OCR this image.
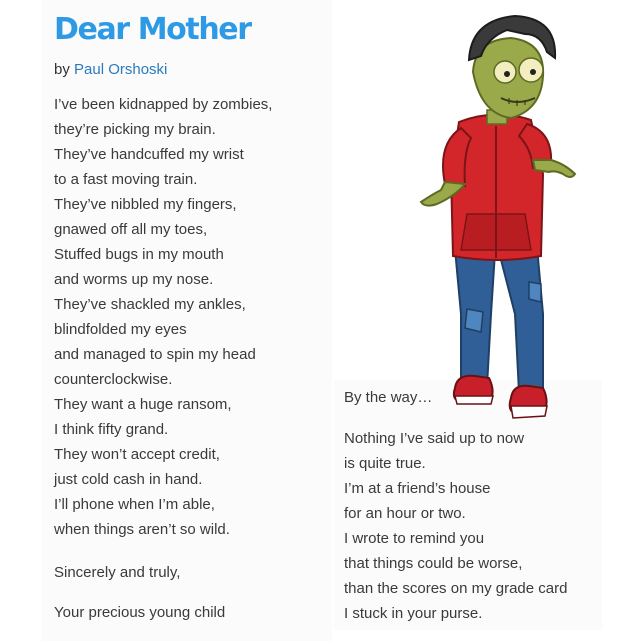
Dear Mother
by Paul Orshoski
I’ve been kidnapped by zombies,
they’re picking my brain.
They’ve handcuffed my wrist
to a fast moving train.
They’ve nibbled my fingers,
gnawed off all my toes,
Stuffed bugs in my mouth
and worms up my nose.
They’ve shackled my ankles,
blindfolded my eyes
and managed to spin my head
counterclockwise.
They want a huge ransom,
I think fifty grand.
They won’t accept credit,
just cold cash in hand.
I’ll phone when I’m able,
when things aren’t so wild.
Sincerely and truly,
Your precious young child
By the way…
Nothing I’ve said up to now
is quite true.
I’m at a friend’s house
for an hour or two.
I wrote to remind you
that things could be worse,
than the scores on my grade card
I stuck in your purse.
